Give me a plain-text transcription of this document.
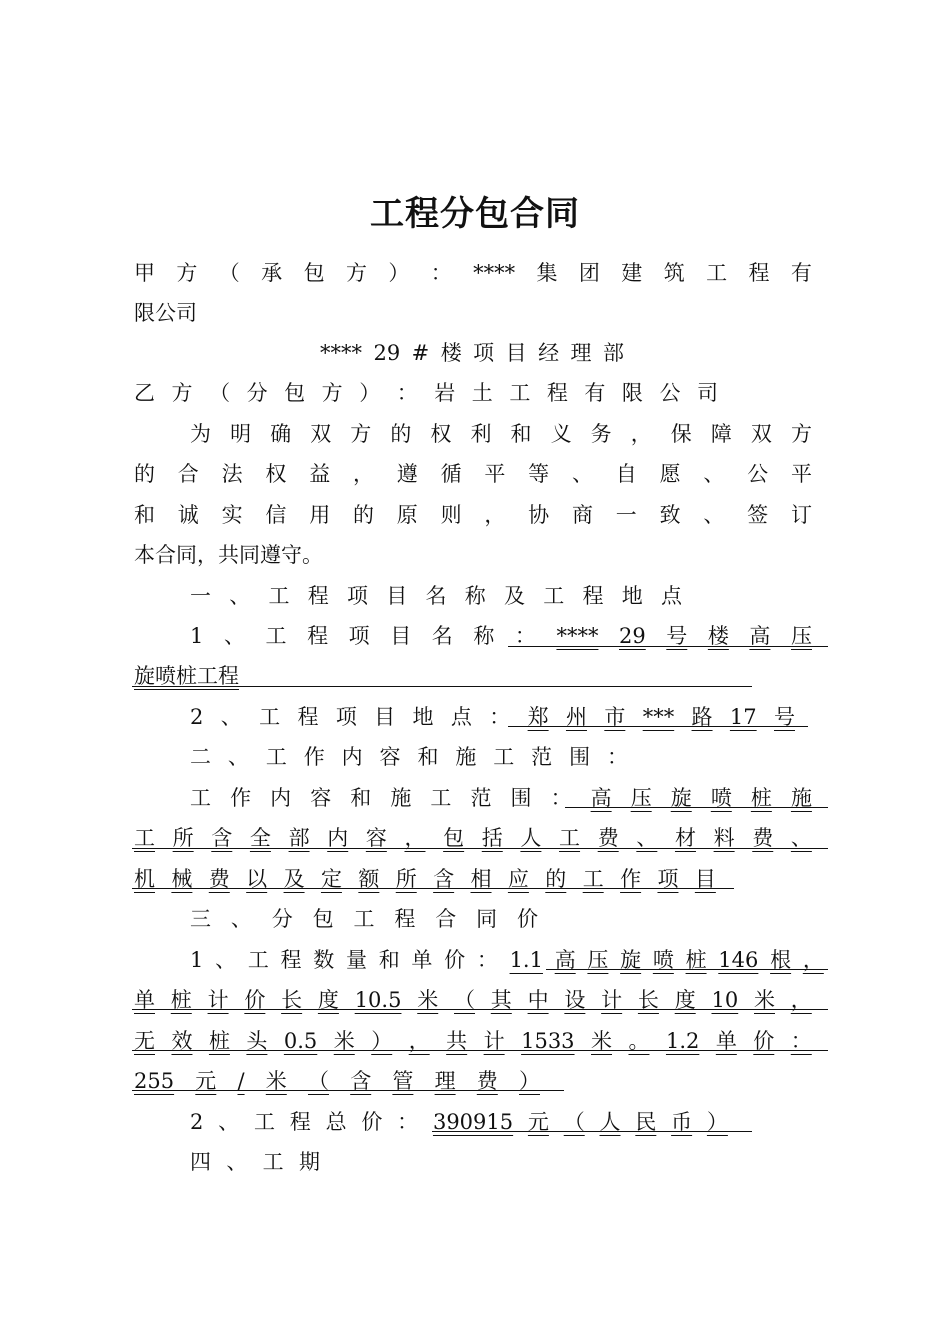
工程分包合同
甲 方 （ 承 包 方 ） ： **** 集 团 建 筑 工 程 有
限 公 司
**** 29 # 楼 项 目 经 理 部
乙 方 （ 分 包 方 ） ： 岩 土 工 程 有 限 公 司
为 明 确 双 方 的 权 利 和 义 务 ， 保 障 双 方
的 合 法 权 益 ， 遵 循 平 等 、 自 愿 、 公 平
和 诚 实 信 用 的 原 则 ， 协 商 一 致 、 签 订
本 合 同 ， 共 同 遵 守 。
一 、 工 程 项 目 名 称 及 工 程 地 点
1 、 工 程 项 目 名 称 ： **** 29 号 楼 高 压
旋 喷 桩 工 程
2 、 工 程 项 目 地 点 ： 郑 州 市 *** 路 17 号
二 、 工 作 内 容 和 施 工 范 围 ：
工 作 内 容 和 施 工 范 围 ： 高 压 旋 喷 桩 施
工 所 含 全 部 内 容 ， 包 括 人 工 费 、 材 料 费 、
机 械 费 以 及 定 额 所 含 相 应 的 工 作 项 目
三 、 分 包 工 程 合 同 价
1 、 工 程 数 量 和 单 价 ： 1.1 高 压 旋 喷 桩 146 根 ，
单 桩 计 价 长 度 10.5 米 （ 其 中 设 计 长 度 10 米 ，
无 效 桩 头 0.5 米 ） ， 共 计 1533 米 。 1.2 单 价 ：
255 元 / 米 （ 含 管 理 费 ）
2 、 工 程 总 价 ： 390915 元 （ 人 民 币 ）
四 、 工 期
